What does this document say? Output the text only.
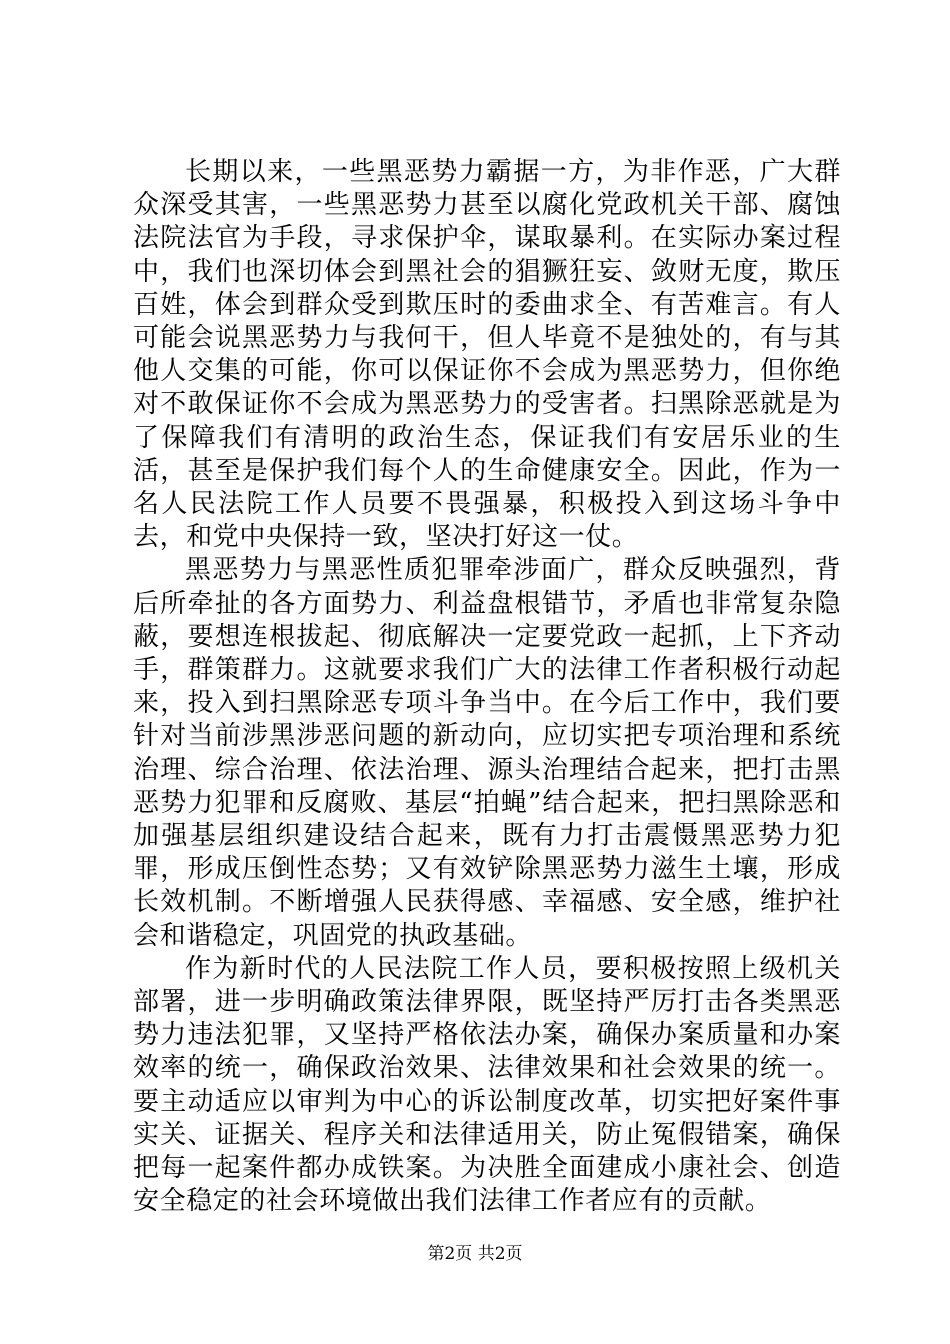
长期以来，一些黑恶势力霸据一方，为非作恶，广大群众深受其害，一些黑恶势力甚至以腐化党政机关干部、腐蚀法院法官为手段，寻求保护伞，谋取暴利。在实际办案过程中，我们也深切体会到黑社会的猖獗狂妄、敛财无度，欺压百姓，体会到群众受到欺压时的委曲求全、有苦难言。有人可能会说黑恶势力与我何干，但人毕竟不是独处的，有与其他人交集的可能，你可以保证你不会成为黑恶势力，但你绝对不敢保证你不会成为黑恶势力的受害者。扫黑除恶就是为了保障我们有清明的政治生态，保证我们有安居乐业的生活，甚至是保护我们每个人的生命健康安全。因此，作为一名人民法院工作人员要不畏强暴，积极投入到这场斗争中去，和党中央保持一致，坚决打好这一仗。

黑恶势力与黑恶性质犯罪牵涉面广，群众反映强烈，背后所牵扯的各方面势力、利益盘根错节，矛盾也非常复杂隐蔽，要想连根拔起、彻底解决一定要党政一起抓，上下齐动手，群策群力。这就要求我们广大的法律工作者积极行动起来，投入到扫黑除恶专项斗争当中。在今后工作中，我们要针对当前涉黑涉恶问题的新动向，应切实把专项治理和系统治理、综合治理、依法治理、源头治理结合起来，把打击黑恶势力犯罪和反腐败、基层“拍蝇”结合起来，把扫黑除恶和加强基层组织建设结合起来，既有力打击震慑黑恶势力犯罪，形成压倒性态势；又有效铲除黑恶势力滋生土壤，形成长效机制。不断增强人民获得感、幸福感、安全感，维护社会和谐稳定，巩固党的执政基础。

作为新时代的人民法院工作人员，要积极按照上级机关部署，进一步明确政策法律界限，既坚持严厉打击各类黑恶势力违法犯罪，又坚持严格依法办案，确保办案质量和办案效率的统一，确保政治效果、法律效果和社会效果的统一。要主动适应以审判为中心的诉讼制度改革，切实把好案件事实关、证据关、程序关和法律适用关，防止冤假错案，确保把每一起案件都办成铁案。为决胜全面建成小康社会、创造安全稳定的社会环境做出我们法律工作者应有的贡献。

第2页 共2页
